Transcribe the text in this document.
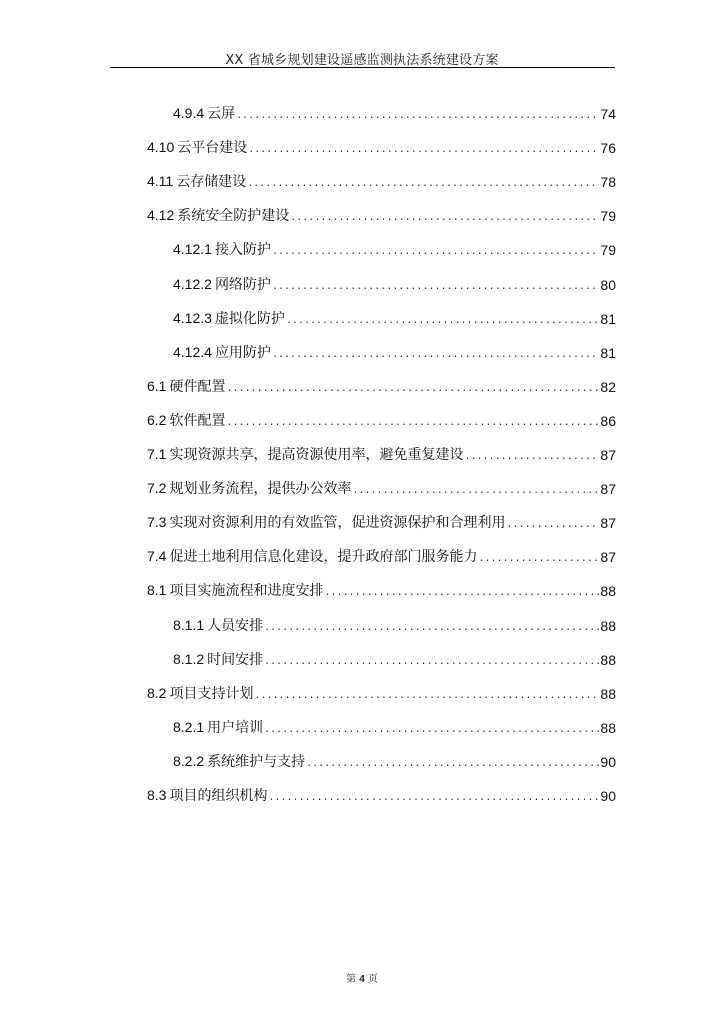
XX 省城乡规划建设遥感监测执法系统建设方案
4.9.4 云屏 .....	74
4.10 云平台建设 .....	76
4.11 云存储建设 .....	78
4.12 系统安全防护建设 .....	79
4.12.1 接入防护 .....	79
4.12.2 网络防护 .....	80
4.12.3 虚拟化防护 .....	81
4.12.4 应用防护 .....	81
6.1 硬件配置 .....	82
6.2 软件配置 .....	86
7.1 实现资源共享，提高资源使用率，避免重复建设 .....	87
7.2 规划业务流程，提供办公效率 .....	87
7.3 实现对资源利用的有效监管，促进资源保护和合理利用 .....	87
7.4 促进土地利用信息化建设，提升政府部门服务能力 .....	87
8.1 项目实施流程和进度安排 .....	88
8.1.1 人员安排 .....	88
8.1.2 时间安排 .....	88
8.2 项目支持计划 .....	88
8.2.1 用户培训 .....	88
8.2.2 系统维护与支持 .....	90
8.3 项目的组织机构 .....	90
第 4 页
